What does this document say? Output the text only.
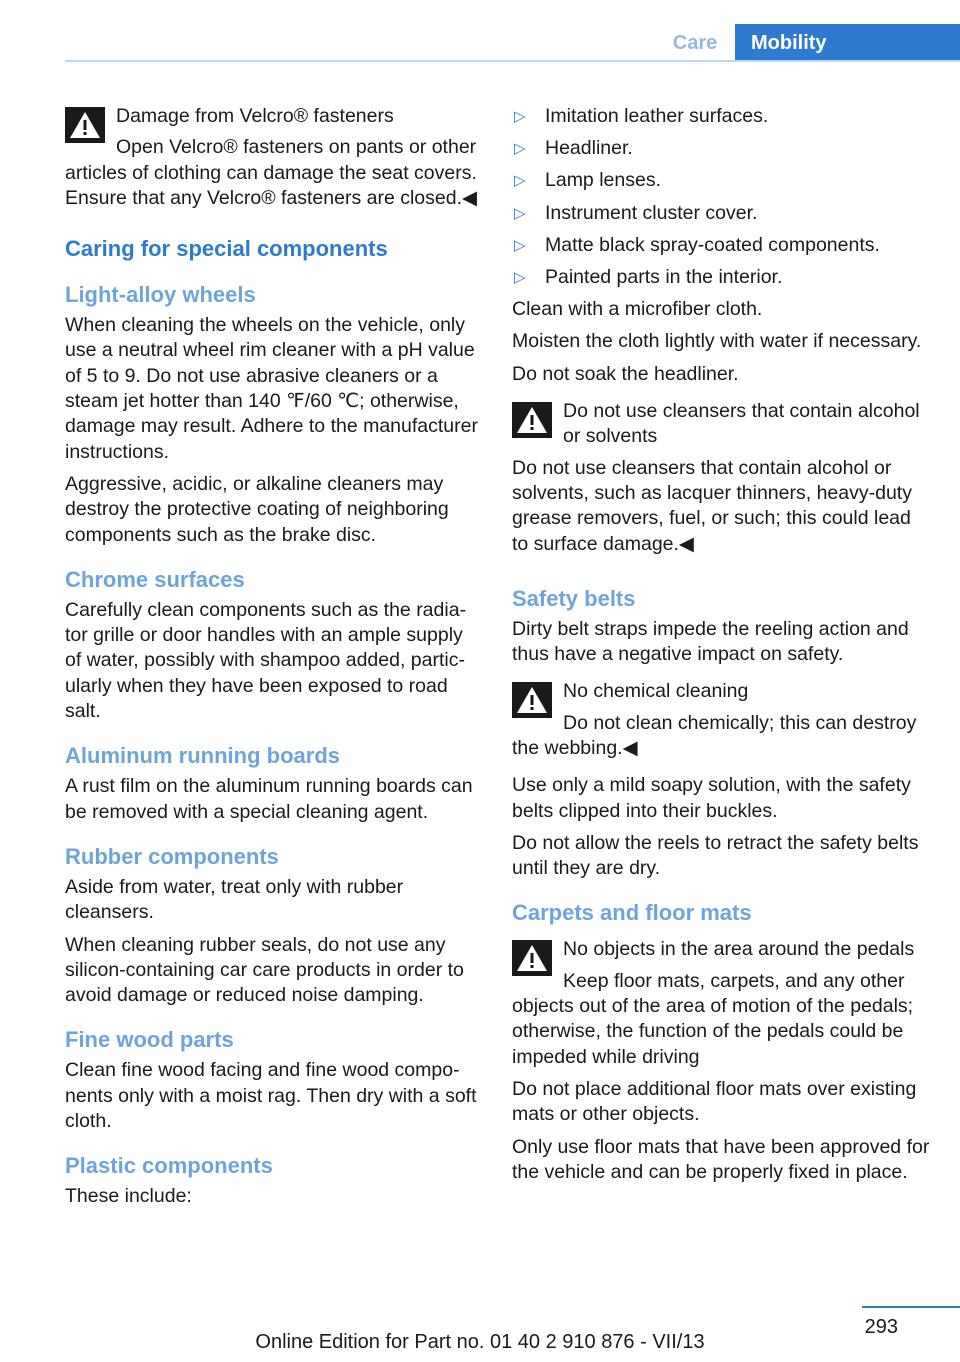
Care	Mobility

Damage from Velcro® fasteners

Open Velcro® fasteners on pants or other articles of clothing can damage the seat covers. Ensure that any Velcro® fasteners are closed.◀

Caring for special components
Light-alloy wheels

When cleaning the wheels on the vehicle, only use a neutral wheel rim cleaner with a pH value of 5 to 9. Do not use abrasive cleaners or a steam jet hotter than 140 ℉/60 ℃; otherwise, damage may result. Adhere to the manufacturer instructions.

Aggressive, acidic, or alkaline cleaners may destroy the protective coating of neighboring components such as the brake disc.

Chrome surfaces

Carefully clean components such as the radiator grille or door handles with an ample supply of water, possibly with shampoo added, particularly when they have been exposed to road salt.

Aluminum running boards

A rust film on the aluminum running boards can be removed with a special cleaning agent.

Rubber components

Aside from water, treat only with rubber cleansers.

When cleaning rubber seals, do not use any silicon-containing car care products in order to avoid damage or reduced noise damping.

Fine wood parts

Clean fine wood facing and fine wood components only with a moist rag. Then dry with a soft cloth.

Plastic components

These include:

▷ Imitation leather surfaces.
▷ Headliner.
▷ Lamp lenses.
▷ Instrument cluster cover.
▷ Matte black spray-coated components.
▷ Painted parts in the interior.

Clean with a microfiber cloth.

Moisten the cloth lightly with water if necessary.

Do not soak the headliner.

Do not use cleansers that contain alcohol or solvents

Do not use cleansers that contain alcohol or solvents, such as lacquer thinners, heavy-duty grease removers, fuel, or such; this could lead to surface damage.◀

Safety belts

Dirty belt straps impede the reeling action and thus have a negative impact on safety.

No chemical cleaning

Do not clean chemically; this can destroy the webbing.◀

Use only a mild soapy solution, with the safety belts clipped into their buckles.

Do not allow the reels to retract the safety belts until they are dry.

Carpets and floor mats

No objects in the area around the pedals

Keep floor mats, carpets, and any other objects out of the area of motion of the pedals; otherwise, the function of the pedals could be impeded while driving

Do not place additional floor mats over existing mats or other objects.

Only use floor mats that have been approved for the vehicle and can be properly fixed in place.

293
Online Edition for Part no. 01 40 2 910 876 - VII/13
